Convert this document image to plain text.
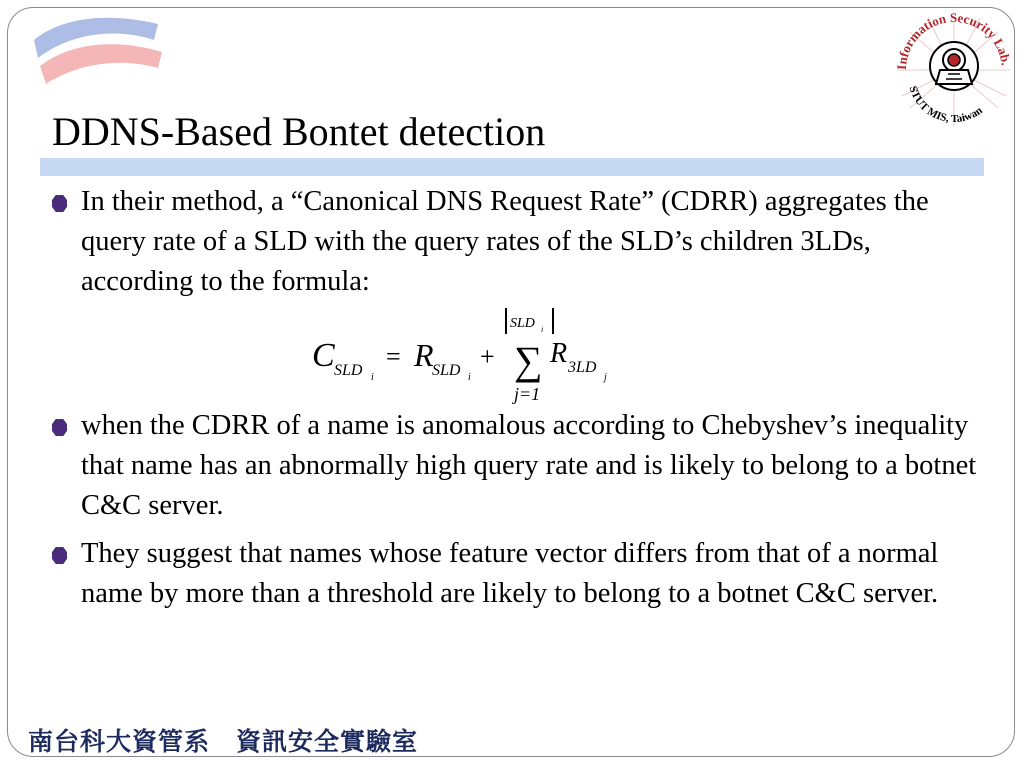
Information Security Lab.
STUT MIS, Taiwan
DDNS-Based Bontet detection
In their method, a “Canonical DNS Request Rate” (CDRR) aggregates the query rate of a SLD with the query rates of the SLD’s children 3LDs, according to the formula:
when the CDRR of a name is anomalous according to Chebyshev’s inequality that name has an abnormally high query rate and is likely to belong to a botnet C&C server.
They suggest that names whose feature vector differs from that of a normal name by more than a threshold are likely to belong to a botnet C&C server.
C SLD i
= R
SLD i
+
SLD i
∑
j=1
R 3LD
j
南台科大資管系　資訊安全實驗室
